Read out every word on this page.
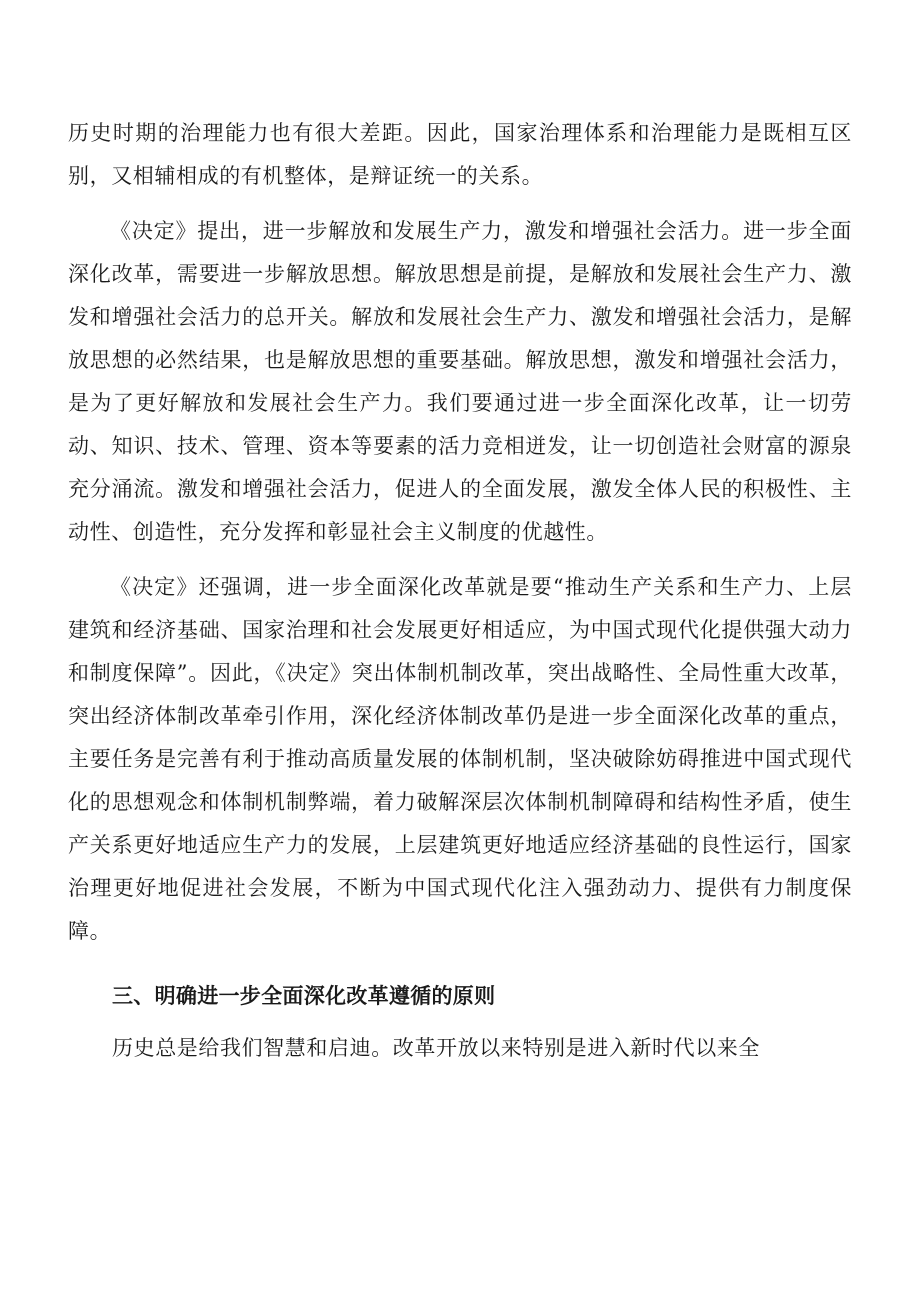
历史时期的治理能力也有很大差距。因此，国家治理体系和治理能力是既相互区别，又相辅相成的有机整体，是辩证统一的关系。

《决定》提出，进一步解放和发展生产力，激发和增强社会活力。进一步全面深化改革，需要进一步解放思想。解放思想是前提，是解放和发展社会生产力、激发和增强社会活力的总开关。解放和发展社会生产力、激发和增强社会活力，是解放思想的必然结果，也是解放思想的重要基础。解放思想，激发和增强社会活力，是为了更好解放和发展社会生产力。我们要通过进一步全面深化改革，让一切劳动、知识、技术、管理、资本等要素的活力竞相迸发，让一切创造社会财富的源泉充分涌流。激发和增强社会活力，促进人的全面发展，激发全体人民的积极性、主动性、创造性，充分发挥和彰显社会主义制度的优越性。

《决定》还强调，进一步全面深化改革就是要“推动生产关系和生产力、上层建筑和经济基础、国家治理和社会发展更好相适应，为中国式现代化提供强大动力和制度保障”。因此，《决定》突出体制机制改革，突出战略性、全局性重大改革，突出经济体制改革牵引作用，深化经济体制改革仍是进一步全面深化改革的重点，主要任务是完善有利于推动高质量发展的体制机制，坚决破除妨碍推进中国式现代化的思想观念和体制机制弊端，着力破解深层次体制机制障碍和结构性矛盾，使生产关系更好地适应生产力的发展，上层建筑更好地适应经济基础的良性运行，国家治理更好地促进社会发展，不断为中国式现代化注入强劲动力、提供有力制度保障。

三、明确进一步全面深化改革遵循的原则

历史总是给我们智慧和启迪。改革开放以来特别是进入新时代以来全
